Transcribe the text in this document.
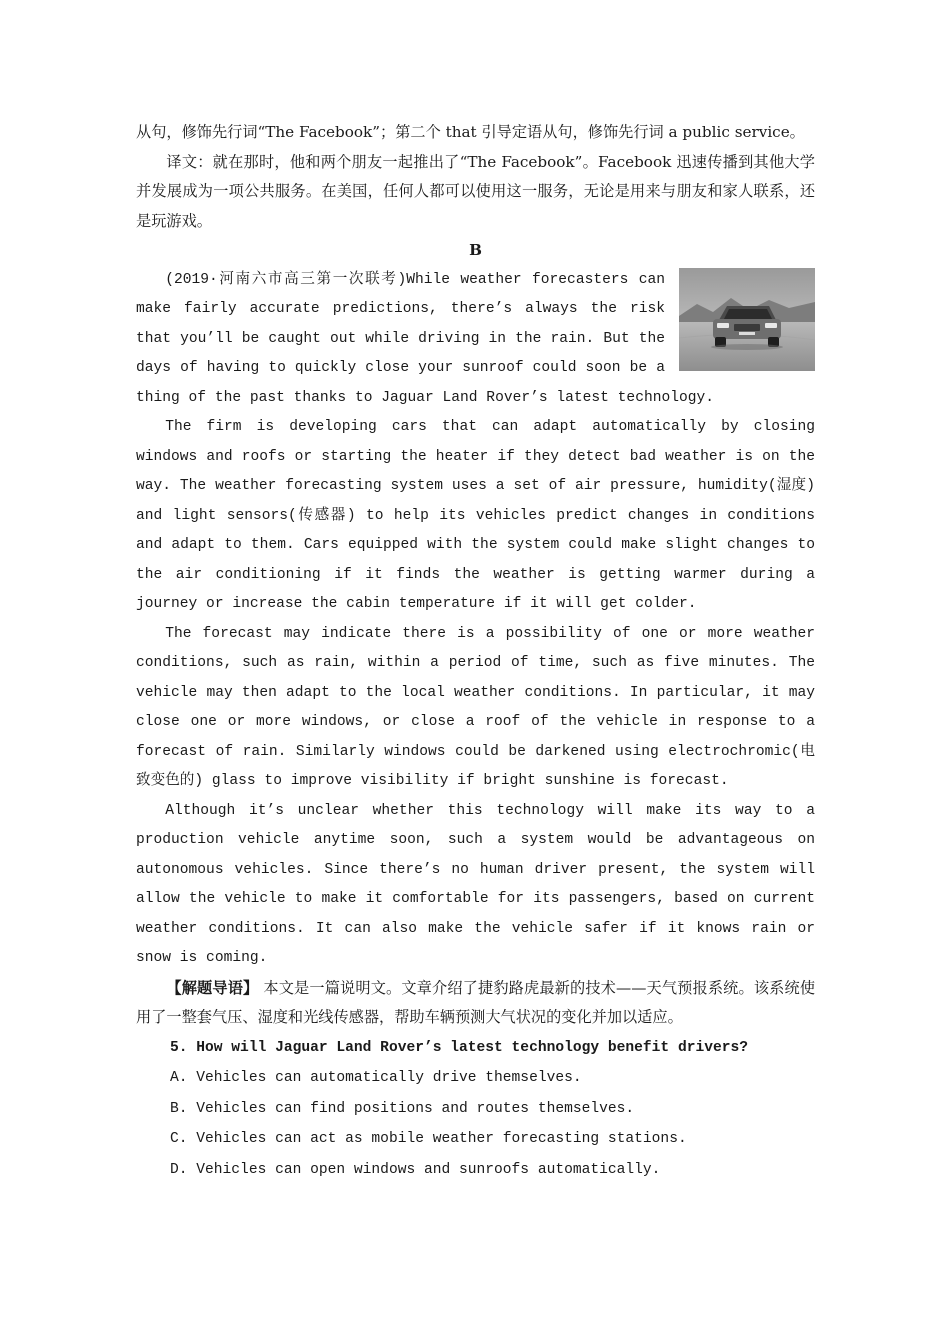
从句，修饰先行词“The Facebook”；第二个 that 引导定语从句，修饰先行词 a public service。

译文：就在那时，他和两个朋友一起推出了“The Facebook”。Facebook 迅速传播到其他大学并发展成为一项公共服务。在美国，任何人都可以使用这一服务，无论是用来与朋友和家人联系，还是玩游戏。

B

(2019·河南六市高三第一次联考)While weather forecasters can make fairly accurate predictions, there’s always the risk that you’ll be caught out while driving in the rain. But the days of having to quickly close your sunroof could soon be a thing of the past thanks to Jaguar Land Rover’s latest technology.

The firm is developing cars that can adapt automatically by closing windows and roofs or starting the heater if they detect bad weather is on the way. The weather forecasting system uses a set of air pressure, humidity(湿度) and light sensors(传感器) to help its vehicles predict changes in conditions and adapt to them. Cars equipped with the system could make slight changes to the air conditioning if it finds the weather is getting warmer during a journey or increase the cabin temperature if it will get colder.

The forecast may indicate there is a possibility of one or more weather conditions, such as rain, within a period of time, such as five minutes. The vehicle may then adapt to the local weather conditions. In particular, it may close one or more windows, or close a roof of the vehicle in response to a forecast of rain. Similarly windows could be darkened using electrochromic(电致变色的) glass to improve visibility if bright sunshine is forecast.

Although it’s unclear whether this technology will make its way to a production vehicle anytime soon, such a system would be advantageous on autonomous vehicles. Since there’s no human driver present, the system will allow the vehicle to make it comfortable for its passengers, based on current weather conditions. It can also make the vehicle safer if it knows rain or snow is coming.

【解题导语】 本文是一篇说明文。文章介绍了捷豹路虎最新的技术——天气预报系统。该系统使用了一整套气压、湿度和光线传感器，帮助车辆预测大气状况的变化并加以适应。

5. How will Jaguar Land Rover’s latest technology benefit drivers?

A. Vehicles can automatically drive themselves.

B. Vehicles can find positions and routes themselves.

C. Vehicles can act as mobile weather forecasting stations.

D. Vehicles can open windows and sunroofs automatically.
